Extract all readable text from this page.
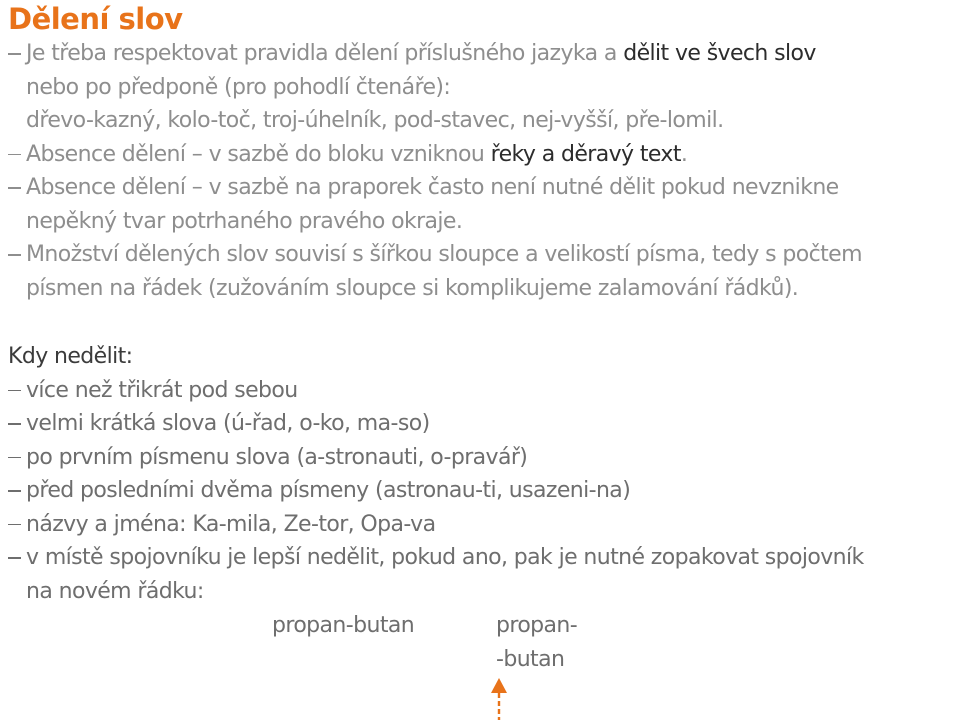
Dělení slov
Je třeba respektovat pravidla dělení příslušného jazyka a dělit ve švech slov
nebo po předponě (pro pohodlí čtenáře):
dřevo-kazný, kolo-toč, troj-úhelník, pod-stavec, nej-vyšší, pře-lomil.
Absence dělení – v sazbě do bloku vzniknou řeky a děravý text.
Absence dělení – v sazbě na praporek často není nutné dělit pokud nevznikne
nepěkný tvar potrhaného pravého okraje.
Množství dělených slov souvisí s šířkou sloupce a velikostí písma, tedy s počtem
písmen na řádek (zužováním sloupce si komplikujeme zalamování řádků).
Kdy nedělit:
více než třikrát pod sebou
velmi krátká slova (ú-řad, o-ko, ma-so)
po prvním písmenu slova (a-stronauti, o-pravář)
před posledními dvěma písmeny (astronau-ti, usazeni-na)
názvy a jména: Ka-mila, Ze-tor, Opa-va
v místě spojovníku je lepší nedělit, pokud ano, pak je nutné zopakovat spojovník
na novém řádku:
propan-butan	propan-
-butan
